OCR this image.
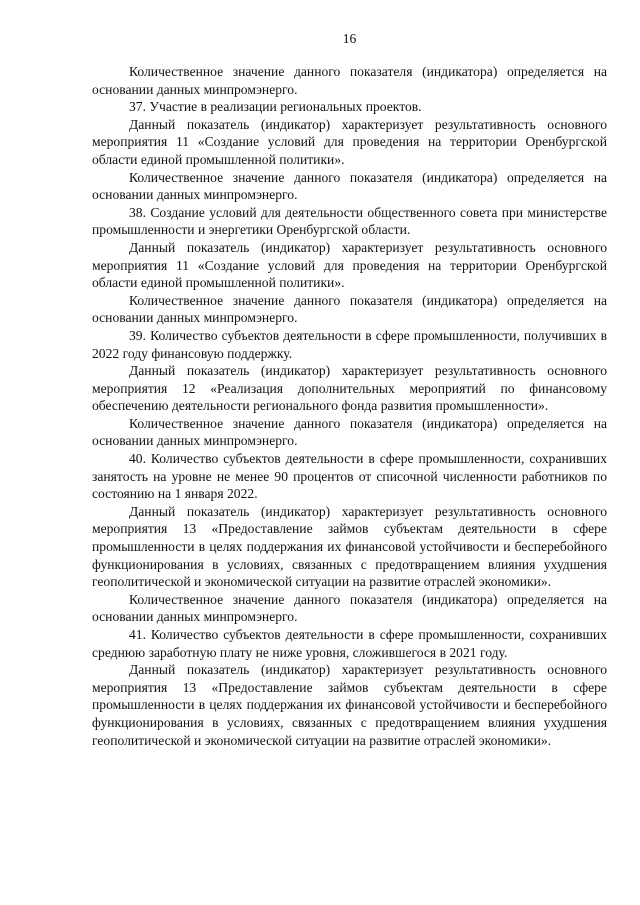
16

Количественное значение данного показателя (индикатора) определяется на основании данных минпромэнерго.

37. Участие в реализации региональных проектов.

Данный показатель (индикатор) характеризует результативность основного мероприятия 11 «Создание условий для проведения на территории Оренбургской области единой промышленной политики».

Количественное значение данного показателя (индикатора) определяется на основании данных минпромэнерго.

38. Создание условий для деятельности общественного совета при министерстве промышленности и энергетики Оренбургской области.

Данный показатель (индикатор) характеризует результативность основного мероприятия 11 «Создание условий для проведения на территории Оренбургской области единой промышленной политики».

Количественное значение данного показателя (индикатора) определяется на основании данных минпромэнерго.

39. Количество субъектов деятельности в сфере промышленности, получивших в 2022 году финансовую поддержку.

Данный показатель (индикатор) характеризует результативность основного мероприятия 12 «Реализация дополнительных мероприятий по финансовому обеспечению деятельности регионального фонда развития промышленности».

Количественное значение данного показателя (индикатора) определяется на основании данных минпромэнерго.

40. Количество субъектов деятельности в сфере промышленности, сохранивших занятость на уровне не менее 90 процентов от списочной численности работников по состоянию на 1 января 2022.

Данный показатель (индикатор) характеризует результативность основного мероприятия 13 «Предоставление займов субъектам деятельности в сфере промышленности в целях поддержания их финансовой устойчивости и бесперебойного функционирования в условиях, связанных с предотвращением влияния ухудшения геополитической и экономической ситуации на развитие отраслей экономики».

Количественное значение данного показателя (индикатора) определяется на основании данных минпромэнерго.

41. Количество субъектов деятельности в сфере промышленности, сохранивших среднюю заработную плату не ниже уровня, сложившегося в 2021 году.

Данный показатель (индикатор) характеризует результативность основного мероприятия 13 «Предоставление займов субъектам деятельности в сфере промышленности в целях поддержания их финансовой устойчивости и бесперебойного функционирования в условиях, связанных с предотвращением влияния ухудшения геополитической и экономической ситуации на развитие отраслей экономики».
